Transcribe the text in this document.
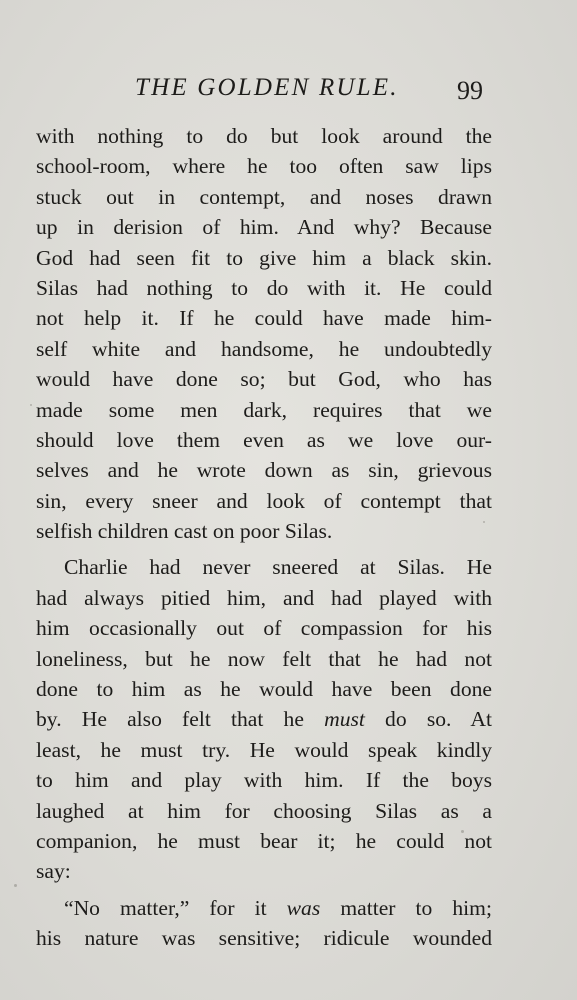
THE GOLDEN RULE. 99
with nothing to do but look around the
school-room, where he too often saw lips
stuck out in contempt, and noses drawn
up in derision of him. And why? Because
God had seen fit to give him a black skin.
Silas had nothing to do with it. He could
not help it. If he could have made him-
self white and handsome, he undoubtedly
would have done so; but God, who has
made some men dark, requires that we
should love them even as we love our-
selves and he wrote down as sin, grievous
sin, every sneer and look of contempt that
selfish children cast on poor Silas.
Charlie had never sneered at Silas. He
had always pitied him, and had played with
him occasionally out of compassion for his
loneliness, but he now felt that he had not
done to him as he would have been done
by. He also felt that he must do so. At
least, he must try. He would speak kindly
to him and play with him. If the boys
laughed at him for choosing Silas as a
companion, he must bear it; he could not
say:
“No matter,” for it was matter to him;
his nature was sensitive; ridicule wounded
